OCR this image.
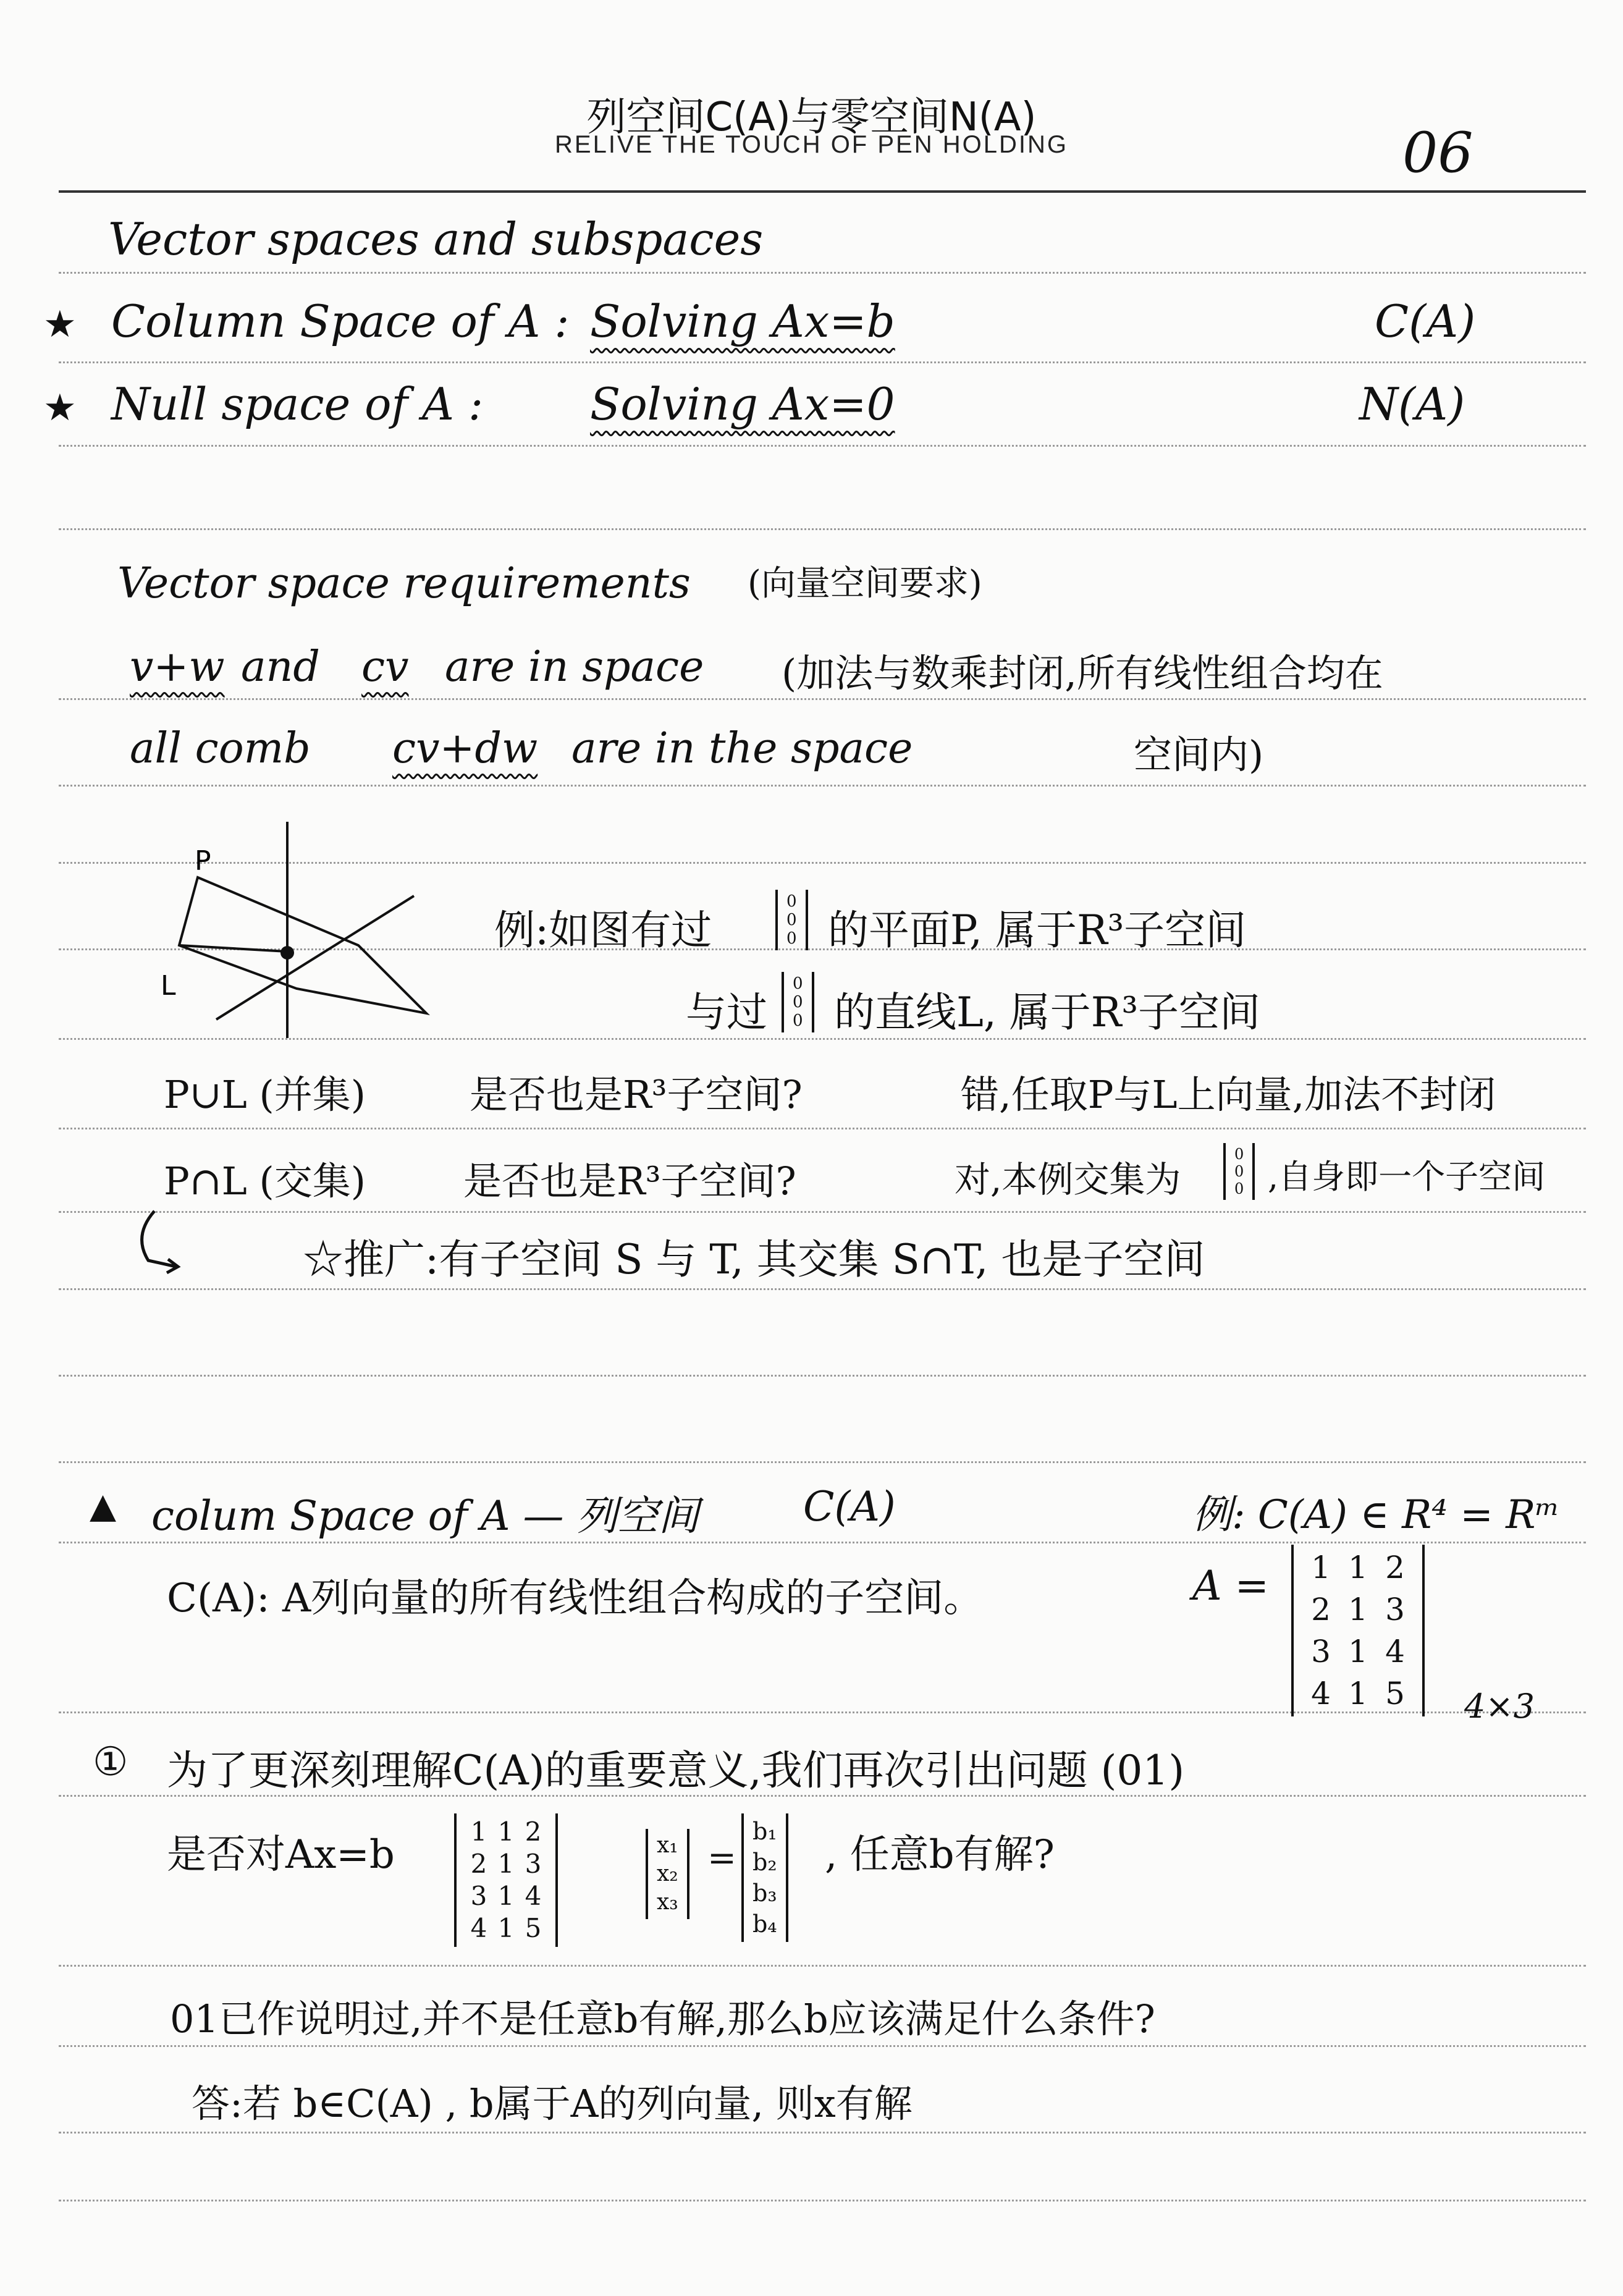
列空间C(A)与零空间N(A)
RELIVE THE TOUCH OF PEN HOLDING	06
Vector spaces and subspaces
★ Column Space of A : Solving Ax=b	C(A)
★ Null space of A : Solving Ax=0	N(A)
Vector space requirements (向量空间要求)
v+w and cv are in space (加法与数乘封闭,所有线性组合均在
all comb cv+dw are in the space	空间内)
P
L
例:如图有过
0
0
0 的平面P, 属于R³子空间
与过
0
0
0 的直线L, 属于R³子空间
P∪L (并集)	是否也是R³子空间?	错,任取P与L上向量,加法不封闭
P∩L (交集)	是否也是R³子空间?	对,本例交集为
0
0
0 ,自身即一个子空间
☆推广:有子空间 S 与 T, 其交集 S∩T, 也是子空间
▲ colum Space of A — 列空间	C(A)	例: C(A) ∈ R⁴ = Rᵐ
C(A): A列向量的所有线性组合构成的子空间。	A = 1 1 2
2 1 3
3 1 4
4 1 5 4×3
① 为了更深刻理解C(A)的重要意义,我们再次引出问题 (01)
是否对Ax=b
1 1 2
2 1 3
3 1 4
4 1 5
x₁
x₂
x₃
=
b₁
b₂
b₃
b₄
, 任意b有解?
01已作说明过,并不是任意b有解,那么b应该满足什么条件?
答:若 b∈C(A) , b属于A的列向量, 则x有解
